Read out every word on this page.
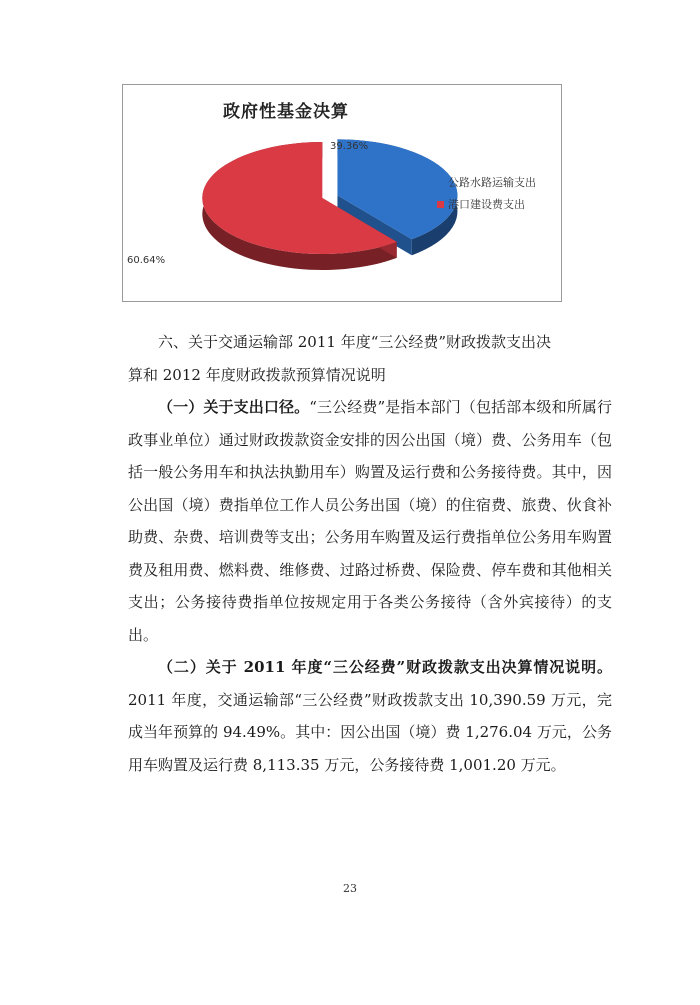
政府性基金决算
39.36%
60.64%
公路水路运输支出
港口建设费支出

六、关于交通运输部 2011 年度“三公经费”财政拨款支出决
算和 2012 年度财政拨款预算情况说明

（一）关于支出口径。“三公经费”是指本部门（包括部本级和所属行政事业单位）通过财政拨款资金安排的因公出国（境）费、公务用车（包括一般公务用车和执法执勤用车）购置及运行费和公务接待费。其中，因公出国（境）费指单位工作人员公务出国（境）的住宿费、旅费、伙食补助费、杂费、培训费等支出；公务用车购置及运行费指单位公务用车购置费及租用费、燃料费、维修费、过路过桥费、保险费、停车费和其他相关支出；公务接待费指单位按规定用于各类公务接待（含外宾接待）的支出。

（二）关于 2011 年度“三公经费”财政拨款支出决算情况说明。2011 年度，交通运输部“三公经费”财政拨款支出 10,390.59 万元，完成当年预算的 94.49%。其中：因公出国（境）费 1,276.04 万元，公务用车购置及运行费 8,113.35 万元，公务接待费 1,001.20 万元。

23
